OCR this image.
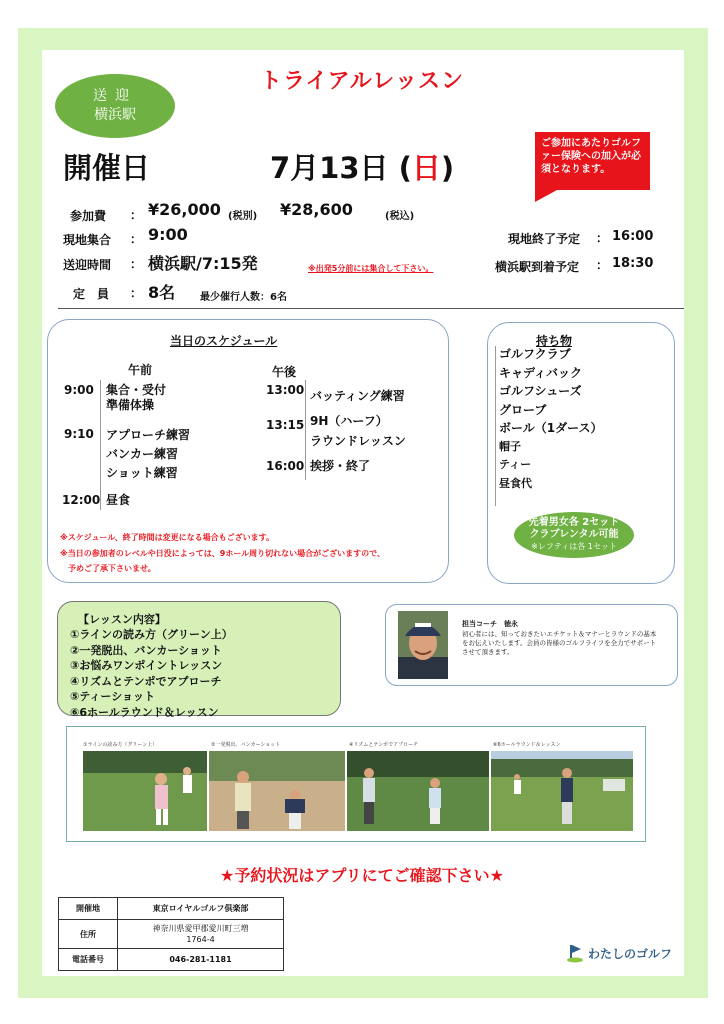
トライアルレッスン
送迎
横浜駅
ご参加にあたりゴルファー保険への加入が必須となります。
開催日	7月13日 (日)
参加費 ： ¥26,000 (税別) ¥28,600	(税込)
現地集合 ： 9:00	現地終了予定 ： 16:00
送迎時間 ： 横浜駅/7:15発	※出発5分前には集合して下さい。	横浜駅到着予定 ： 18:30
定　員 ： 8名 最少催行人数：6名
当日のスケジュール
午前	午後
9:00 集合・受付
準備体操
9:10 アプローチ練習
バンカー練習
ショット練習
12:00 昼食
13:00 バッティング練習
13:15 9H（ハーフ）
ラウンドレッスン
16:00 挨拶・終了
※スケジュール、終了時間は変更になる場合もございます。
※当日の参加者のレベルや日没によっては、9ホール周り切れない場合がございますので、
予めご了承下さいませ。
持ち物
ゴルフクラブ
キャディバック
ゴルフシューズ
グローブ
ボール（1ダース）
帽子
ティー
昼食代
先着男女各 2セット
クラブレンタル可能
※レフティは各 1セット
【レッスン内容】
①ラインの読み方（グリーン上）
②一発脱出、バンカーショット
③お悩みワンポイントレッスン
④リズムとテンポでアプローチ
⑤ティーショット
⑥6ホールラウンド＆レッスン
担当コーチ　徳永
初心者には、知っておきたいエチケット＆マナーとラウンドの基本をお伝えいたします。会員の皆様のゴルフライフを全力でサポートさせて頂きます。
①ラインの読み方（グリーン上）	②一発脱出、バンカーショット	④リズムとテンポでアプローチ	⑥6ホールラウンド＆レッスン
★予約状況はアプリにてご確認下さい★
開催地	東京ロイヤルゴルフ倶楽部
住所	神奈川県愛甲郡愛川町三増
1764-4

電話番号	046-281-1181	わたしのゴルフ
